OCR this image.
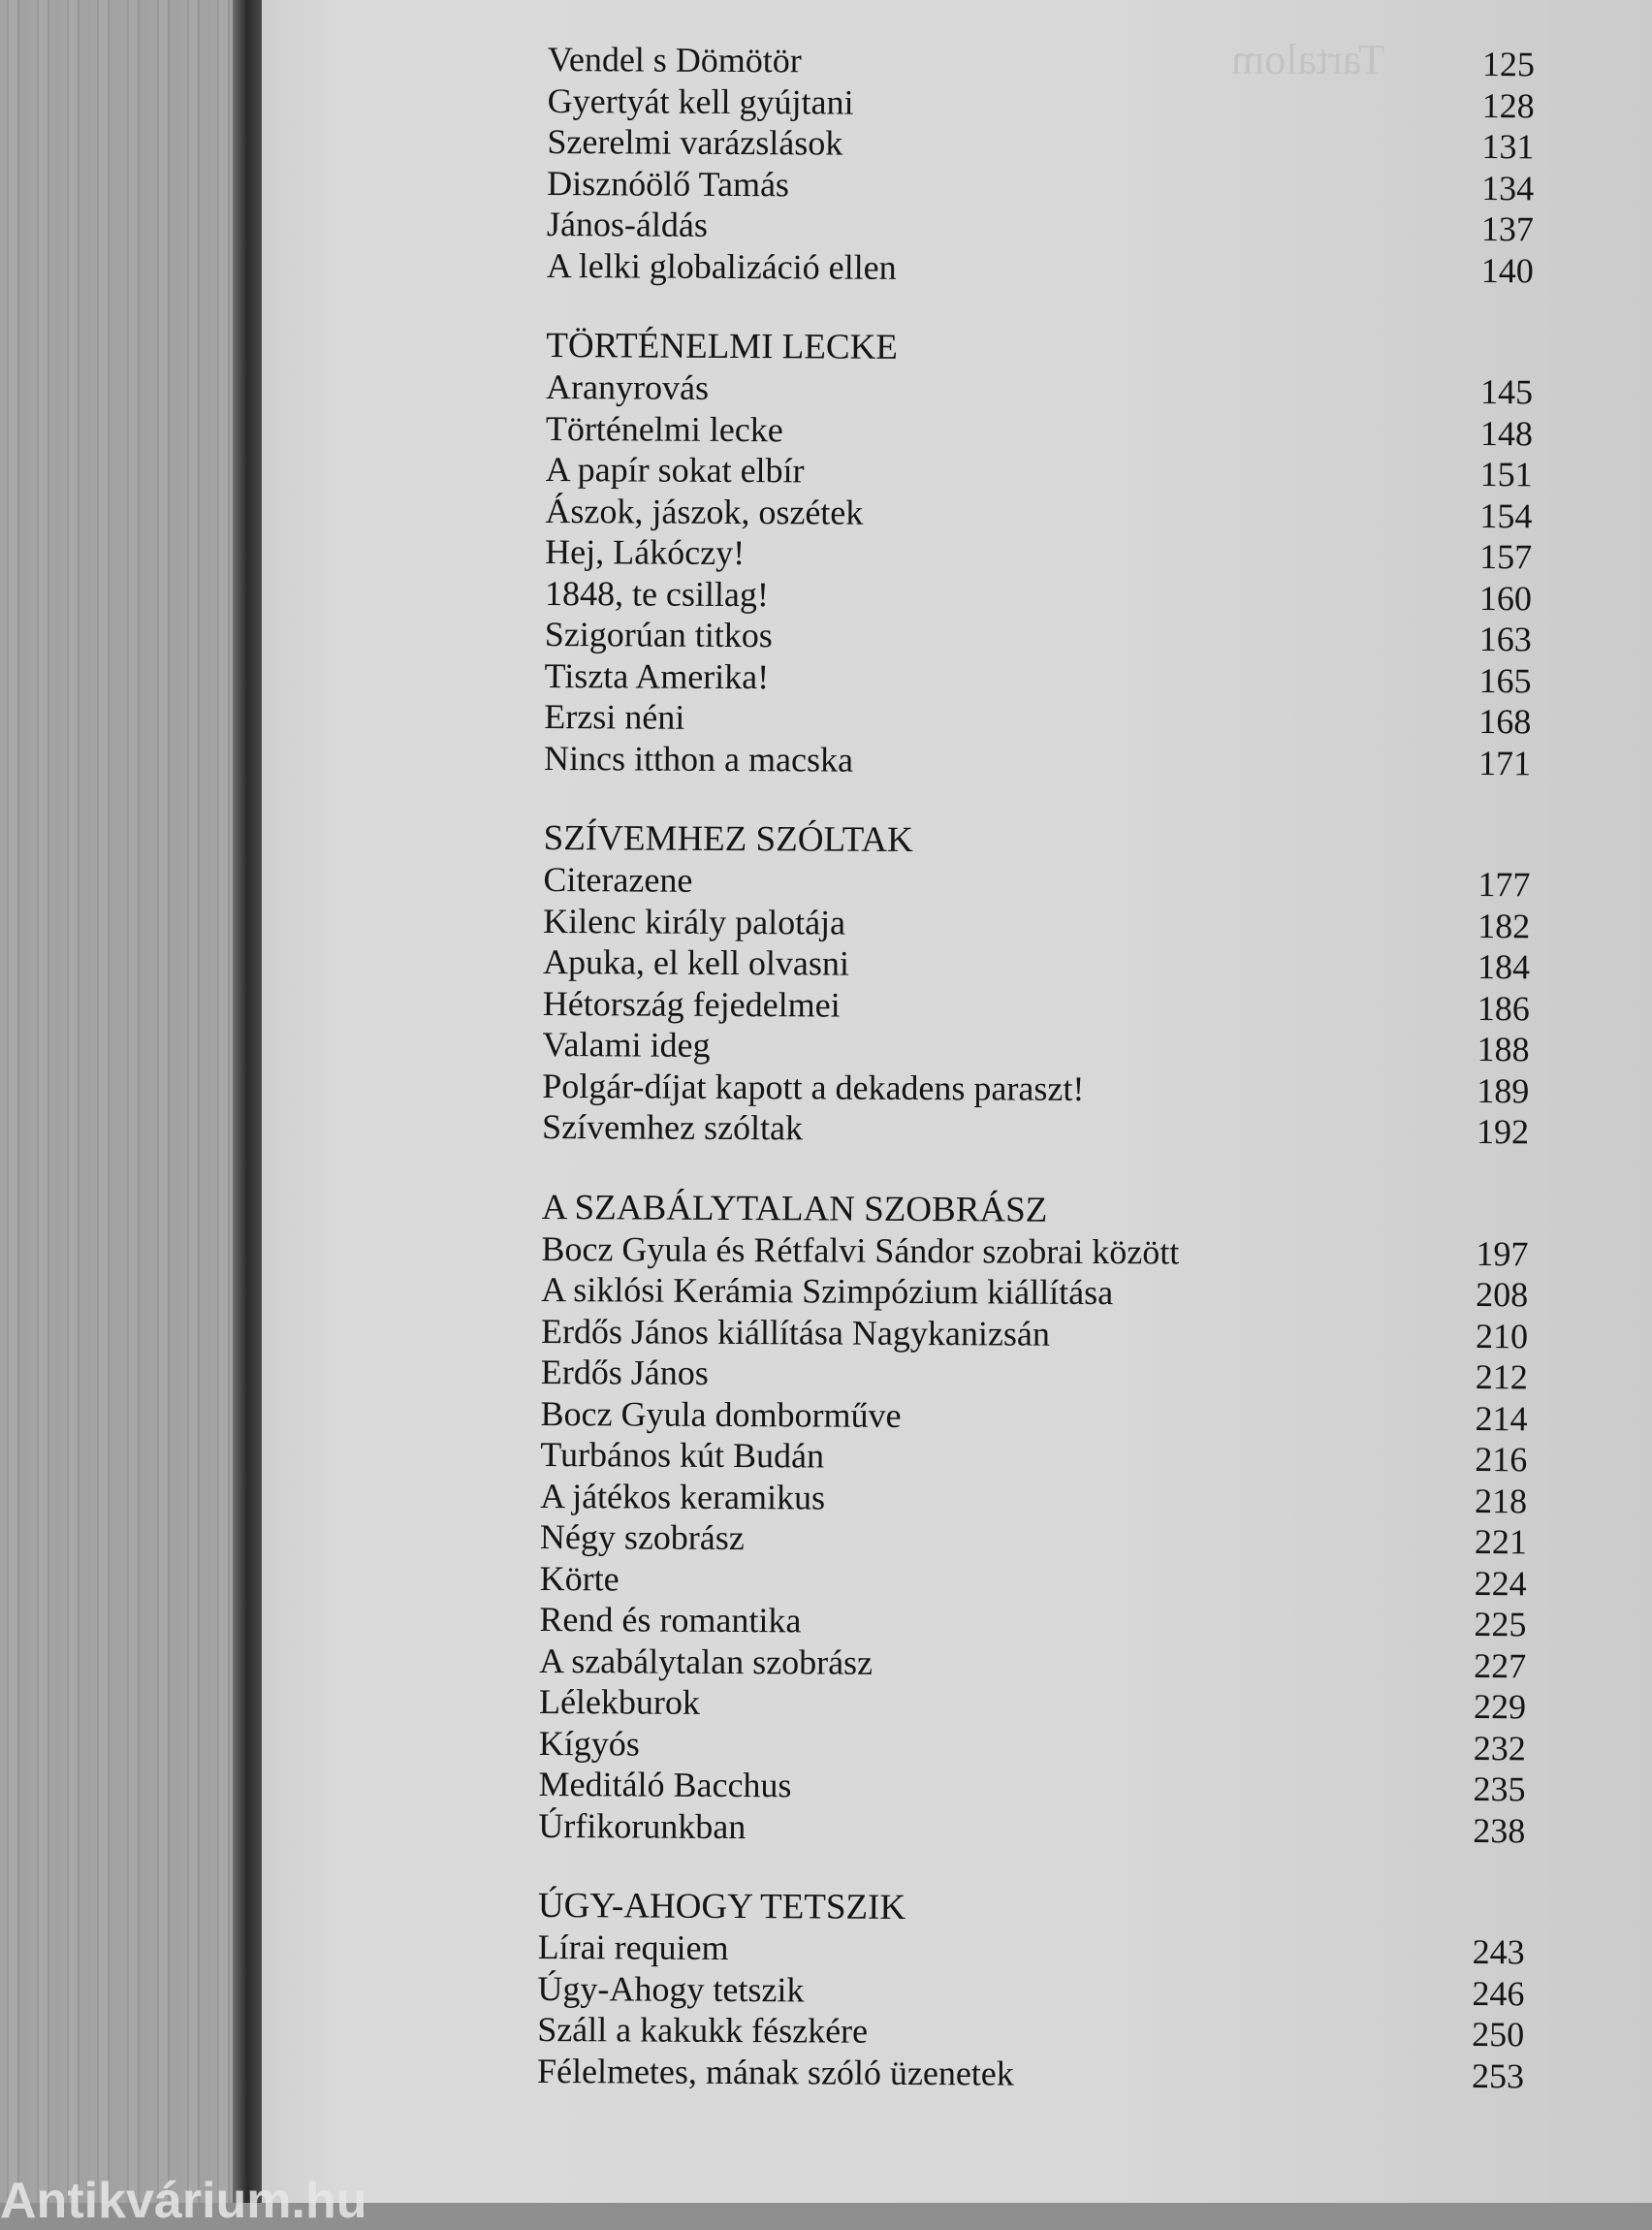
Tartalom
Vendel s Dömötör	125
Gyertyát kell gyújtani	128
Szerelmi varázslások	131
Disznóölő Tamás	134
János-áldás	137
A lelki globalizáció ellen	140
TÖRTÉNELMI LECKE
Aranyrovás	145
Történelmi lecke	148
A papír sokat elbír	151
Ászok, jászok, oszétek	154
Hej, Lákóczy!	157
1848, te csillag!	160
Szigorúan titkos	163
Tiszta Amerika!	165
Erzsi néni	168
Nincs itthon a macska	171
SZÍVEMHEZ SZÓLTAK
Citerazene	177
Kilenc király palotája	182
Apuka, el kell olvasni	184
Hétország fejedelmei	186
Valami ideg	188
Polgár-díjat kapott a dekadens paraszt!	189
Szívemhez szóltak	192
A SZABÁLYTALAN SZOBRÁSZ
Bocz Gyula és Rétfalvi Sándor szobrai között	197
A siklósi Kerámia Szimpózium kiállítása	208
Erdős János kiállítása Nagykanizsán	210
Erdős János	212
Bocz Gyula domborműve	214
Turbános kút Budán	216
A játékos keramikus	218
Négy szobrász	221
Körte	224
Rend és romantika	225
A szabálytalan szobrász	227
Lélekburok	229
Kígyós	232
Meditáló Bacchus	235
Úrfikorunkban	238
ÚGY-AHOGY TETSZIK
Lírai requiem	243
Úgy-Ahogy tetszik	246
Száll a kakukk fészkére	250
Félelmetes, mának szóló üzenetek	253
Antikvárium.hu
